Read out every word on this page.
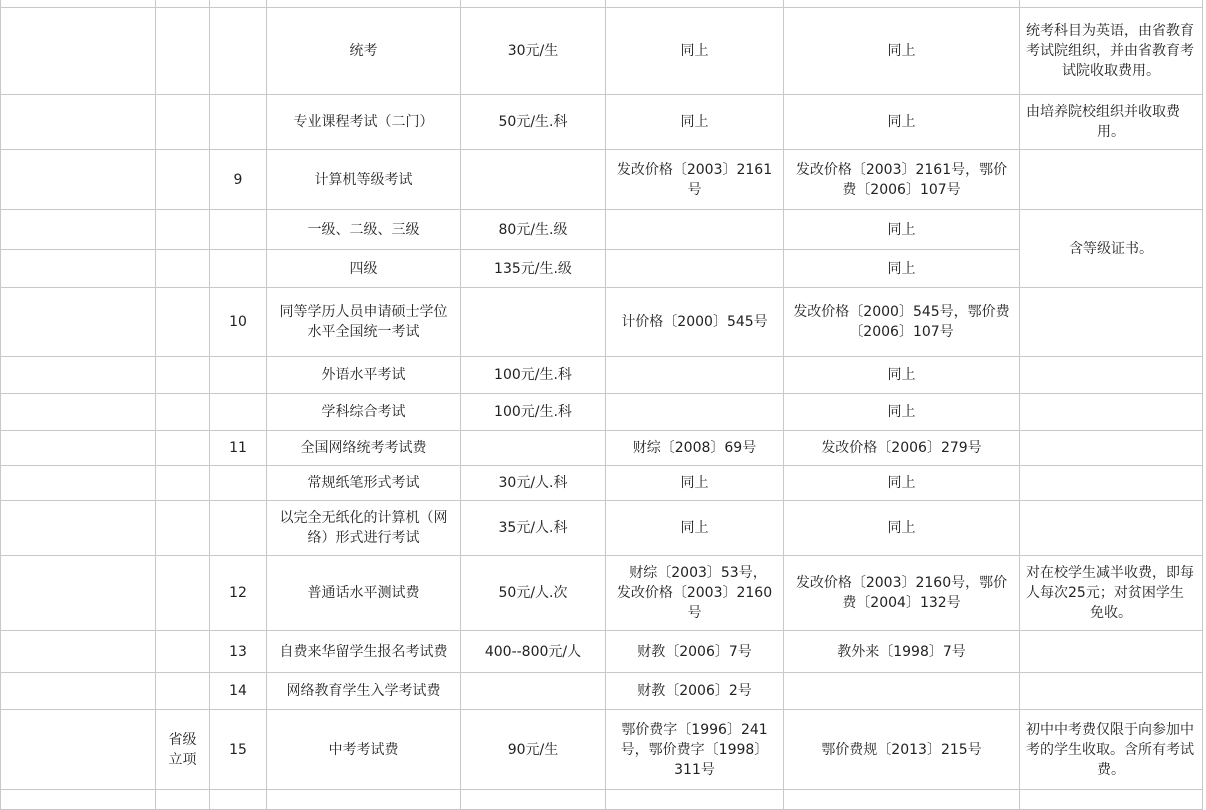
			统考	30元/生	同上	同上	统考科目为英语，由省教育考试院组织，并由省教育考试院收取费用。
			专业课程考试（二门）	50元/生.科	同上	同上	由培养院校组织并收取费用。
		9	计算机等级考试		发改价格〔2003〕2161号	发改价格〔2003〕2161号，鄂价费〔2006〕107号	
			一级、二级、三级	80元/生.级		同上	含等级证书。
			四级	135元/生.级		同上	
		10	同等学历人员申请硕士学位水平全国统一考试		计价格〔2000〕545号	发改价格〔2000〕545号，鄂价费〔2006〕107号	
			外语水平考试	100元/生.科		同上	
			学科综合考试	100元/生.科		同上	
		11	全国网络统考考试费		财综〔2008〕69号	发改价格〔2006〕279号	
			常规纸笔形式考试	30元/人.科	同上	同上	
			以完全无纸化的计算机（网络）形式进行考试	35元/人.科	同上	同上	
		12	普通话水平测试费	50元/人.次	财综〔2003〕53号，　　　发改价格〔2003〕2160号	发改价格〔2003〕2160号，鄂价费〔2004〕132号	对在校学生减半收费，即每人每次25元；对贫困学生免收。
		13	自费来华留学生报名考试费	400--800元/人	财教〔2006〕7号	教外来〔1998〕7号	
		14	网络教育学生入学考试费		财教〔2006〕2号		
	省级立项	15	中考考试费	90元/生	鄂价费字〔1996〕241号，鄂价费字〔1998〕311号	鄂价费规〔2013〕215号	初中中考费仅限于向参加中考的学生收取。含所有考试费。
